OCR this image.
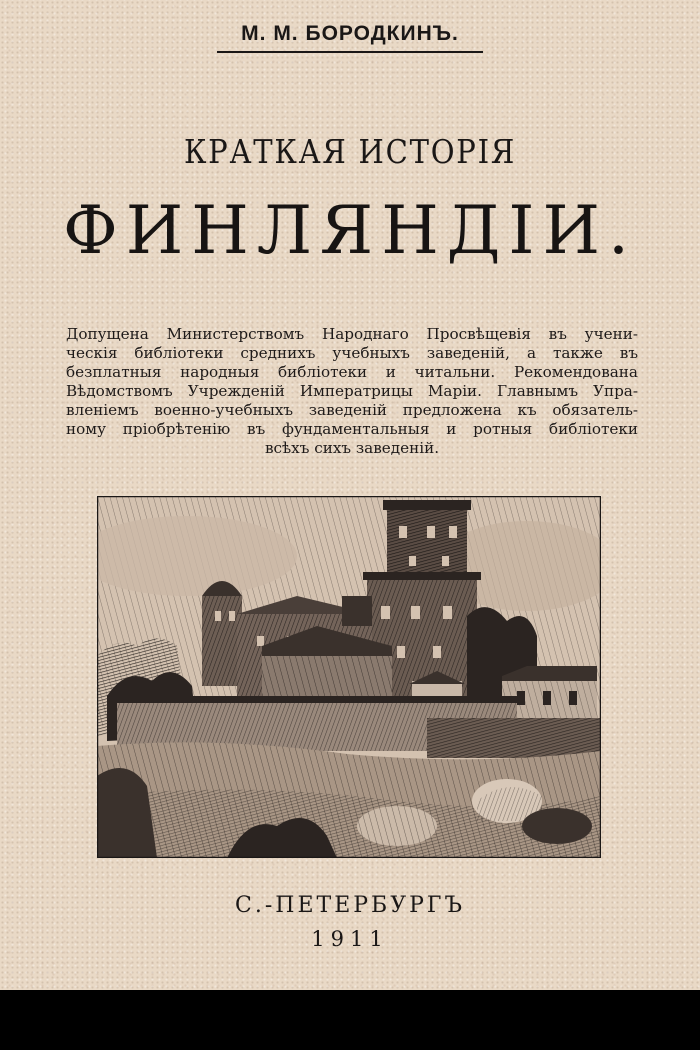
М. М. БОРОДКИНЪ.
КРАТКАЯ ИСТОРІЯ
ФИНЛЯНДІИ.
Допущена Министерствомъ Народнаго Просвѣщевія въ учени-
ческія библіотеки среднихъ учебныхъ заведеній, а также въ
безплатныя народныя библіотеки и читальни. Рекомендована
Вѣдомствомъ Учрежденій Императрицы Маріи. Главнымъ Упра-
вленіемъ военно-учебныхъ заведеній предложена къ обязатель-
ному пріобрѣтенію въ фундаментальныя и ротныя библіотеки
всѣхъ сихъ заведеній.
С.-ПЕТЕРБУРГЪ
1911
